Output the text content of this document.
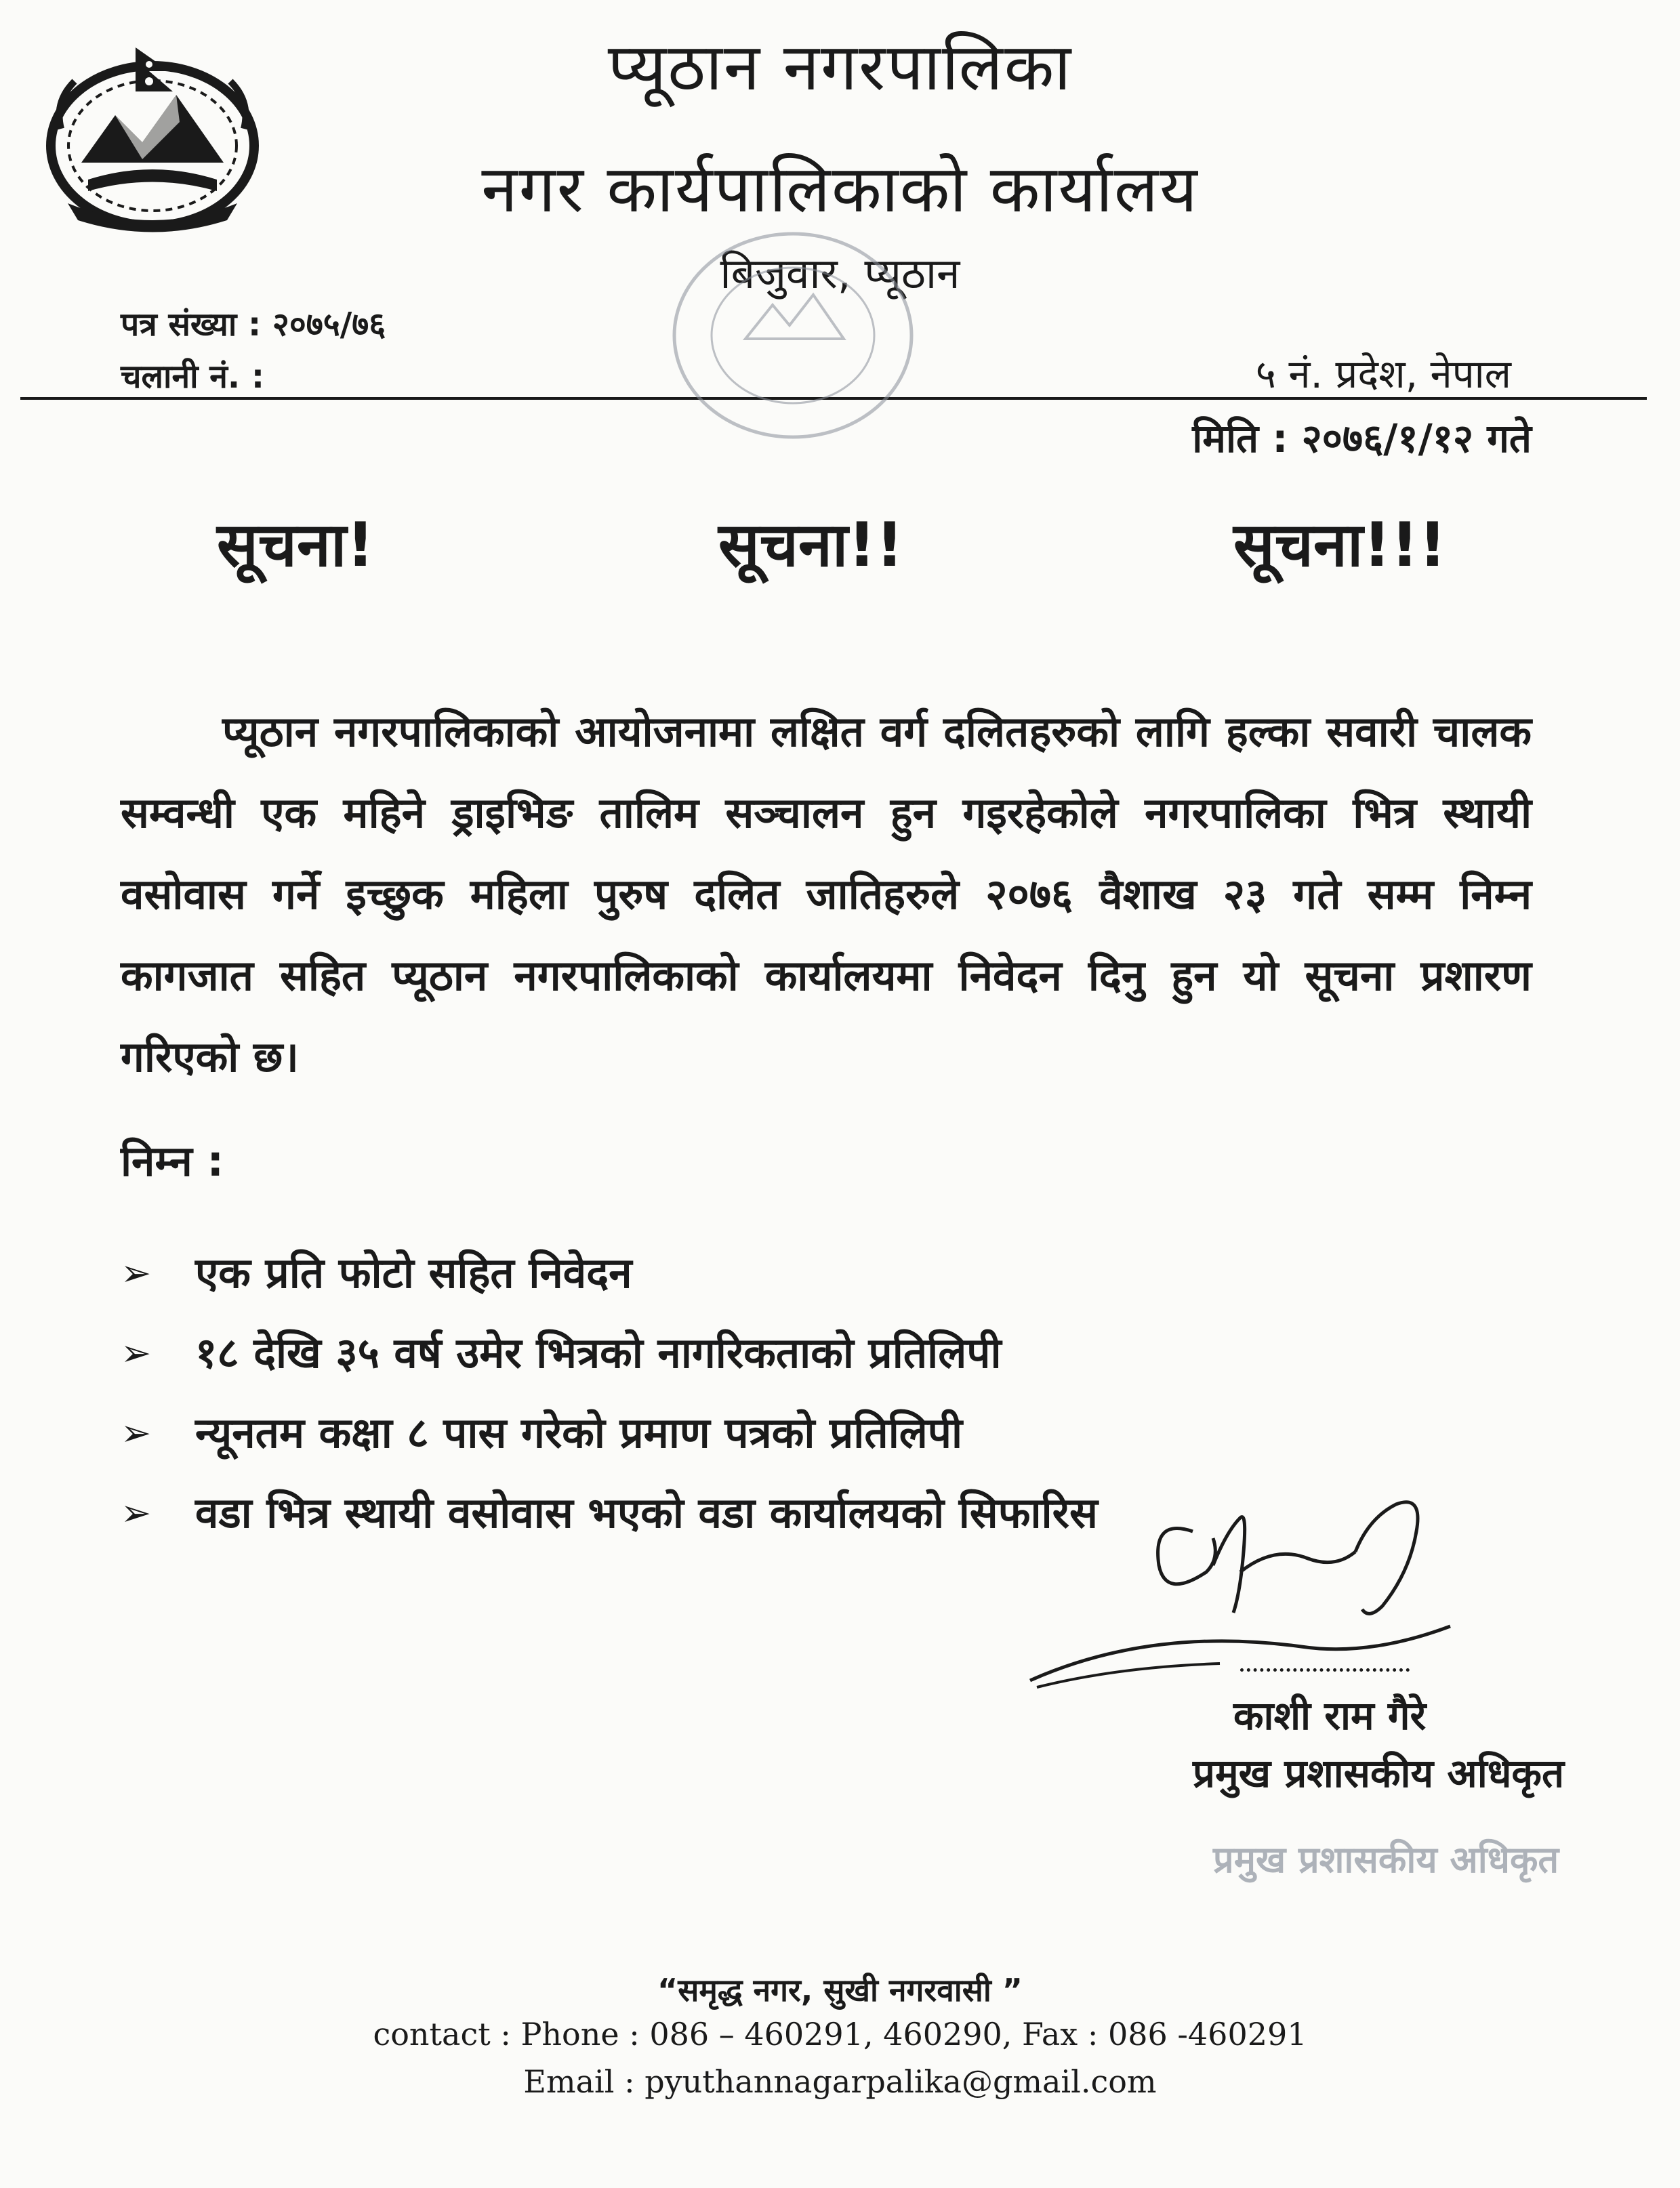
प्यूठान नगरपालिका
नगर कार्यपालिकाको कार्यालय
बिजुवार, प्यूठान
पत्र संख्या : २०७५/७६
चलानी नं. :	५ नं. प्रदेश, नेपाल
मिति : २०७६/१/१२ गते
सूचना!	सूचना!!	सूचना!!!
प्यूठान नगरपालिकाको आयोजनामा लक्षित वर्ग दलितहरुको लागि हल्का सवारी चालक सम्वन्धी एक महिने ड्राइभिङ तालिम सञ्चालन हुन गइरहेकोले नगरपालिका भित्र स्थायी वसोवास गर्ने इच्छुक महिला पुरुष दलित जातिहरुले २०७६ वैशाख २३ गते सम्म निम्न कागजात सहित प्यूठान नगरपालिकाको कार्यालयमा निवेदन दिनु हुन यो सूचना प्रशारण गरिएको छ।
निम्न :
➢	एक प्रति फोटो सहित निवेदन
➢	१८ देखि ३५ वर्ष उमेर भित्रको नागरिकताको प्रतिलिपी
➢	न्यूनतम कक्षा ८ पास गरेको प्रमाण पत्रको प्रतिलिपी
➢	वडा भित्र स्थायी वसोवास भएको वडा कार्यालयको सिफारिस
काशी राम गैरे
प्रमुख प्रशासकीय अधिकृत
प्रमुख प्रशासकीय अधिकृत
“समृद्ध नगर, सुखी नगरवासी ”
contact : Phone : 086 – 460291, 460290, Fax : 086 -460291
Email : pyuthannagarpalika@gmail.com
